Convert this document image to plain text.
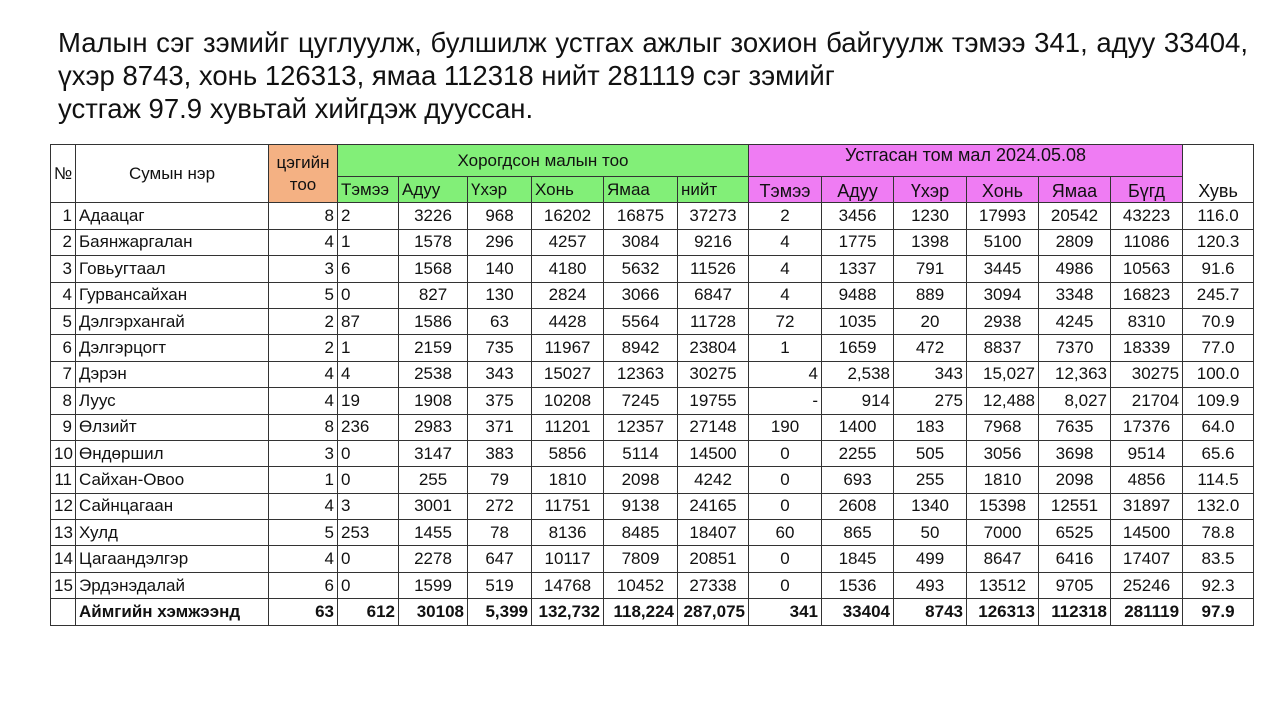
Малын сэг зэмийг цуглуулж, булшилж устгах ажлыг зохион байгуулж тэмээ 341, адуу 33404, үхэр 8743, хонь 126313, ямаа 112318 нийт 281119 сэг зэмийг
устгаж 97.9 хувьтай хийгдэж дууссан.
№	Сумын нэр	цэгийн тоо	Хорогдсон малын тоо						Устгасан том мал 2024.05.08						Хувь
			Тэмээ	Адуу	Үхэр	Хонь	Ямаа	нийт	Тэмээ	Адуу	Үхэр	Хонь	Ямаа	Бүгд	
1	Адаацаг	8	2	3226	968	16202	16875	37273	2	3456	1230	17993	20542	43223	116.0
2	Баянжаргалан	4	1	1578	296	4257	3084	9216	4	1775	1398	5100	2809	11086	120.3
3	Говьугтаал	3	6	1568	140	4180	5632	11526	4	1337	791	3445	4986	10563	91.6
4	Гурвансайхан	5	0	827	130	2824	3066	6847	4	9488	889	3094	3348	16823	245.7
5	Дэлгэрхангай	2	87	1586	63	4428	5564	11728	72	1035	20	2938	4245	8310	70.9
6	Дэлгэрцогт	2	1	2159	735	11967	8942	23804	1	1659	472	8837	7370	18339	77.0
7	Дэрэн	4	4	2538	343	15027	12363	30275	4	2,538	343	15,027	12,363	30275	100.0
8	Луус	4	19	1908	375	10208	7245	19755	-	914	275	12,488	8,027	21704	109.9
9	Өлзийт	8	236	2983	371	11201	12357	27148	190	1400	183	7968	7635	17376	64.0
10	Өндөршил	3	0	3147	383	5856	5114	14500	0	2255	505	3056	3698	9514	65.6
11	Сайхан-Овоо	1	0	255	79	1810	2098	4242	0	693	255	1810	2098	4856	114.5
12	Сайнцагаан	4	3	3001	272	11751	9138	24165	0	2608	1340	15398	12551	31897	132.0
13	Хулд	5	253	1455	78	8136	8485	18407	60	865	50	7000	6525	14500	78.8
14	Цагаандэлгэр	4	0	2278	647	10117	7809	20851	0	1845	499	8647	6416	17407	83.5
15	Эрдэнэдалай	6	0	1599	519	14768	10452	27338	0	1536	493	13512	9705	25246	92.3
	Аймгийн хэмжээнд	63	612	30108	5,399	132,732	118,224	287,075	341	33404	8743	126313	112318	281119	97.9
